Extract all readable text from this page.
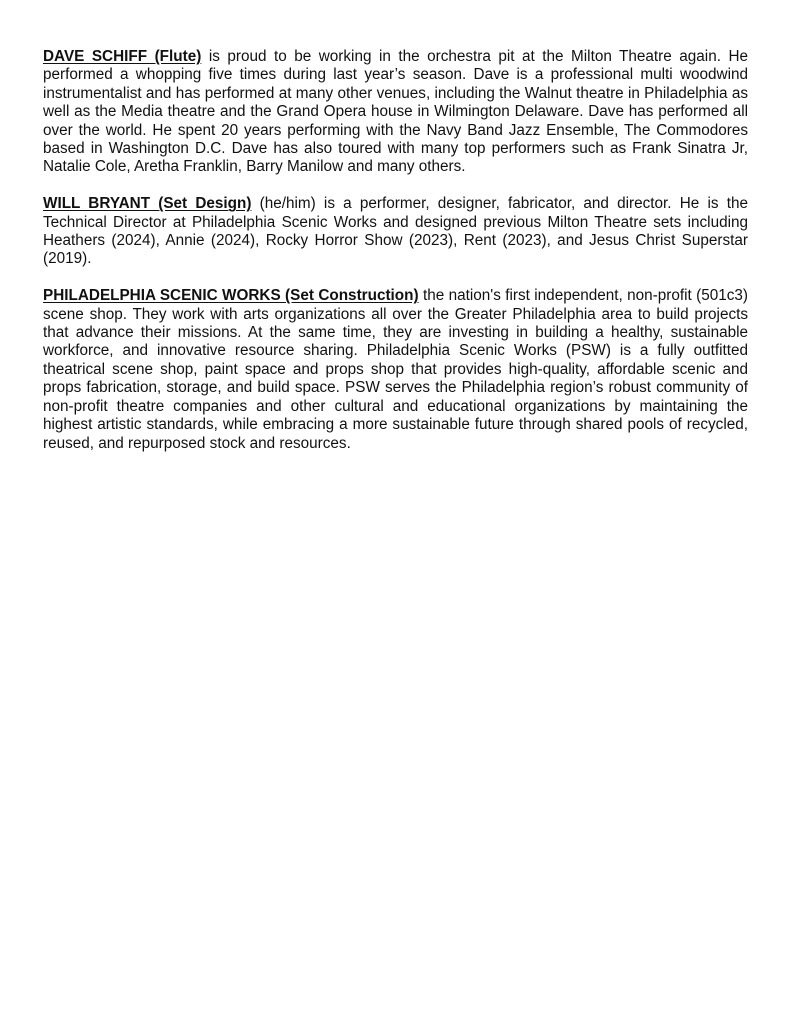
DAVE SCHIFF (Flute) is proud to be working in the orchestra pit at the Milton Theatre again. He performed a whopping five times during last year’s season. Dave is a professional multi woodwind instrumentalist and has performed at many other venues, including the Walnut theatre in Philadelphia as well as the Media theatre and the Grand Opera house in Wilmington Delaware. Dave has performed all over the world. He spent 20 years performing with the Navy Band Jazz Ensemble, The Commodores based in Washington D.C. Dave has also toured with many top performers such as Frank Sinatra Jr, Natalie Cole, Aretha Franklin, Barry Manilow and many others.

WILL BRYANT (Set Design) (he/him) is a performer, designer, fabricator, and director. He is the Technical Director at Philadelphia Scenic Works and designed previous Milton Theatre sets including Heathers (2024), Annie (2024), Rocky Horror Show (2023), Rent (2023), and Jesus Christ Superstar (2019).

PHILADELPHIA SCENIC WORKS (Set Construction) the nation's first independent, non-profit (501c3) scene shop. They work with arts organizations all over the Greater Philadelphia area to build projects that advance their missions. At the same time, they are investing in building a healthy, sustainable workforce, and innovative resource sharing. Philadelphia Scenic Works (PSW) is a fully outfitted theatrical scene shop, paint space and props shop that provides high-quality, affordable scenic and props fabrication, storage, and build space. PSW serves the Philadelphia region’s robust community of non-profit theatre companies and other cultural and educational organizations by maintaining the highest artistic standards, while embracing a more sustainable future through shared pools of recycled, reused, and repurposed stock and resources.
